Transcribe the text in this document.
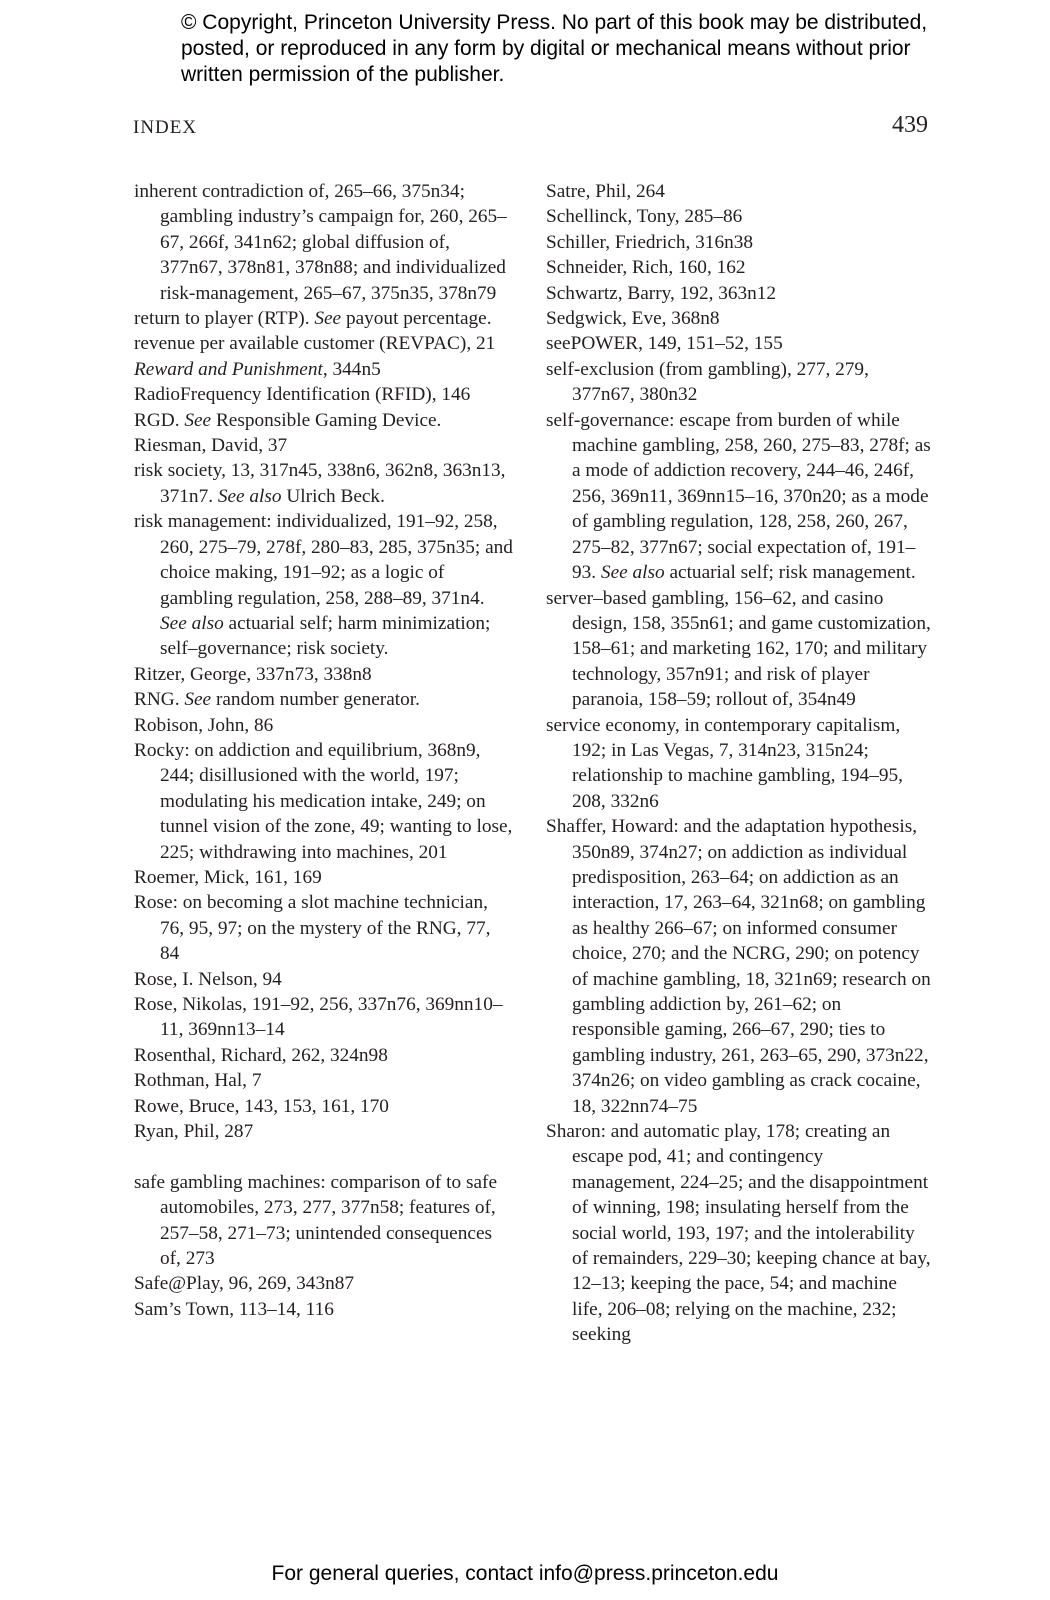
© Copyright, Princeton University Press. No part of this book may be distributed, posted, or reproduced in any form by digital or mechanical means without prior written permission of the publisher.

INDEX	439

inherent contradiction of, 265–66, 375n34; gambling industry’s campaign for, 260, 265–67, 266f, 341n62; global diffusion of, 377n67, 378n81, 378n88; and individualized risk-management, 265–67, 375n35, 378n79

return to player (RTP). See payout percentage.

revenue per available customer (REVPAC), 21

Reward and Punishment, 344n5

RadioFrequency Identification (RFID), 146

RGD. See Responsible Gaming Device.

Riesman, David, 37

risk society, 13, 317n45, 338n6, 362n8, 363n13, 371n7. See also Ulrich Beck.

risk management: individualized, 191–92, 258, 260, 275–79, 278f, 280–83, 285, 375n35; and choice making, 191–92; as a logic of gambling regulation, 258, 288–89, 371n4. See also actuarial self; harm minimization; self–governance; risk society.

Ritzer, George, 337n73, 338n8

RNG. See random number generator.

Robison, John, 86

Rocky: on addiction and equilibrium, 368n9, 244; disillusioned with the world, 197; modulating his medication intake, 249; on tunnel vision of the zone, 49; wanting to lose, 225; withdrawing into machines, 201

Roemer, Mick, 161, 169

Rose: on becoming a slot machine technician, 76, 95, 97; on the mystery of the RNG, 77, 84

Rose, I. Nelson, 94

Rose, Nikolas, 191–92, 256, 337n76, 369nn10–11, 369nn13–14

Rosenthal, Richard, 262, 324n98

Rothman, Hal, 7

Rowe, Bruce, 143, 153, 161, 170

Ryan, Phil, 287

safe gambling machines: comparison of to safe automobiles, 273, 277, 377n58; features of, 257–58, 271–73; unintended consequences of, 273

Safe@Play, 96, 269, 343n87

Sam’s Town, 113–14, 116

Satre, Phil, 264

Schellinck, Tony, 285–86

Schiller, Friedrich, 316n38

Schneider, Rich, 160, 162

Schwartz, Barry, 192, 363n12

Sedgwick, Eve, 368n8

seePOWER, 149, 151–52, 155

self-exclusion (from gambling), 277, 279, 377n67, 380n32

self-governance: escape from burden of while machine gambling, 258, 260, 275–83, 278f; as a mode of addiction recovery, 244–46, 246f, 256, 369n11, 369nn15–16, 370n20; as a mode of gambling regulation, 128, 258, 260, 267, 275–82, 377n67; social expectation of, 191–93. See also actuarial self; risk management.

server–based gambling, 156–62, and casino design, 158, 355n61; and game customization, 158–61; and marketing 162, 170; and military technology, 357n91; and risk of player paranoia, 158–59; rollout of, 354n49

service economy, in contemporary capitalism, 192; in Las Vegas, 7, 314n23, 315n24; relationship to machine gambling, 194–95, 208, 332n6

Shaffer, Howard: and the adaptation hypothesis, 350n89, 374n27; on addiction as individual predisposition, 263–64; on addiction as an interaction, 17, 263–64, 321n68; on gambling as healthy 266–67; on informed consumer choice, 270; and the NCRG, 290; on potency of machine gambling, 18, 321n69; research on gambling addiction by, 261–62; on responsible gaming, 266–67, 290; ties to gambling industry, 261, 263–65, 290, 373n22, 374n26; on video gambling as crack cocaine, 18, 322nn74–75

Sharon: and automatic play, 178; creating an escape pod, 41; and contingency management, 224–25; and the disappointment of winning, 198; insulating herself from the social world, 193, 197; and the intolerability of remainders, 229–30; keeping chance at bay, 12–13; keeping the pace, 54; and machine life, 206–08; relying on the machine, 232; seeking

For general queries, contact info@press.princeton.edu
